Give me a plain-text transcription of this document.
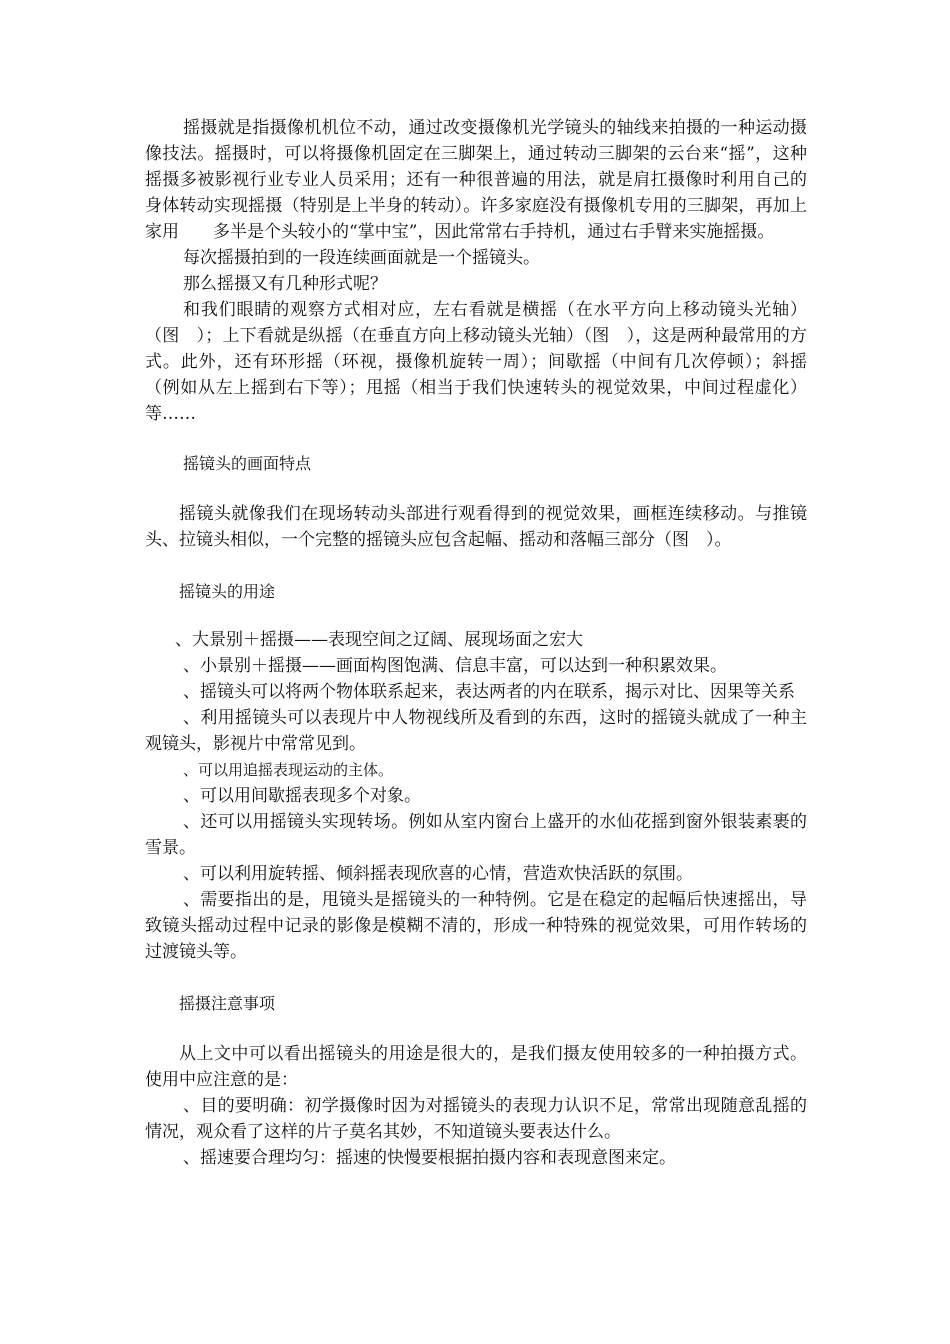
摇摄就是指摄像机机位不动，通过改变摄像机光学镜头的轴线来拍摄的一种运动摄像技法。摇摄时，可以将摄像机固定在三脚架上，通过转动三脚架的云台来“摇”，这种摇摄多被影视行业专业人员采用；还有一种很普遍的用法，就是肩扛摄像时利用自己的身体转动实现摇摄（特别是上半身的转动）。许多家庭没有摄像机专用的三脚架，再加上家用　　多半是个头较小的“掌中宝”，因此常常右手持机，通过右手臂来实施摇摄。

每次摇摄拍到的一段连续画面就是一个摇镜头。

那么摇摄又有几种形式呢？

和我们眼睛的观察方式相对应，左右看就是横摇（在水平方向上移动镜头光轴）（图　）；上下看就是纵摇（在垂直方向上移动镜头光轴）（图　），这是两种最常用的方式。此外，还有环形摇（环视，摄像机旋转一周）；间歇摇（中间有几次停顿）；斜摇（例如从左上摇到右下等）；甩摇（相当于我们快速转头的视觉效果，中间过程虚化）等……

摇镜头的画面特点

摇镜头就像我们在现场转动头部进行观看得到的视觉效果，画框连续移动。与推镜头、拉镜头相似，一个完整的摇镜头应包含起幅、摇动和落幅三部分（图　）。

摇镜头的用途

、大景别＋摇摄——表现空间之辽阔、展现场面之宏大

、小景别＋摇摄——画面构图饱满、信息丰富，可以达到一种积累效果。

、摇镜头可以将两个物体联系起来，表达两者的内在联系，揭示对比、因果等关系

、利用摇镜头可以表现片中人物视线所及看到的东西，这时的摇镜头就成了一种主观镜头，影视片中常常见到。

、可以用追摇表现运动的主体。

、可以用间歇摇表现多个对象。

、还可以用摇镜头实现转场。例如从室内窗台上盛开的水仙花摇到窗外银装素裹的雪景。

、可以利用旋转摇、倾斜摇表现欣喜的心情，营造欢快活跃的氛围。

、需要指出的是，甩镜头是摇镜头的一种特例。它是在稳定的起幅后快速摇出，导致镜头摇动过程中记录的影像是模糊不清的，形成一种特殊的视觉效果，可用作转场的过渡镜头等。

摇摄注意事项

从上文中可以看出摇镜头的用途是很大的，是我们摄友使用较多的一种拍摄方式。使用中应注意的是：

、目的要明确：初学摄像时因为对摇镜头的表现力认识不足，常常出现随意乱摇的情况，观众看了这样的片子莫名其妙，不知道镜头要表达什么。

、摇速要合理均匀：摇速的快慢要根据拍摄内容和表现意图来定。
